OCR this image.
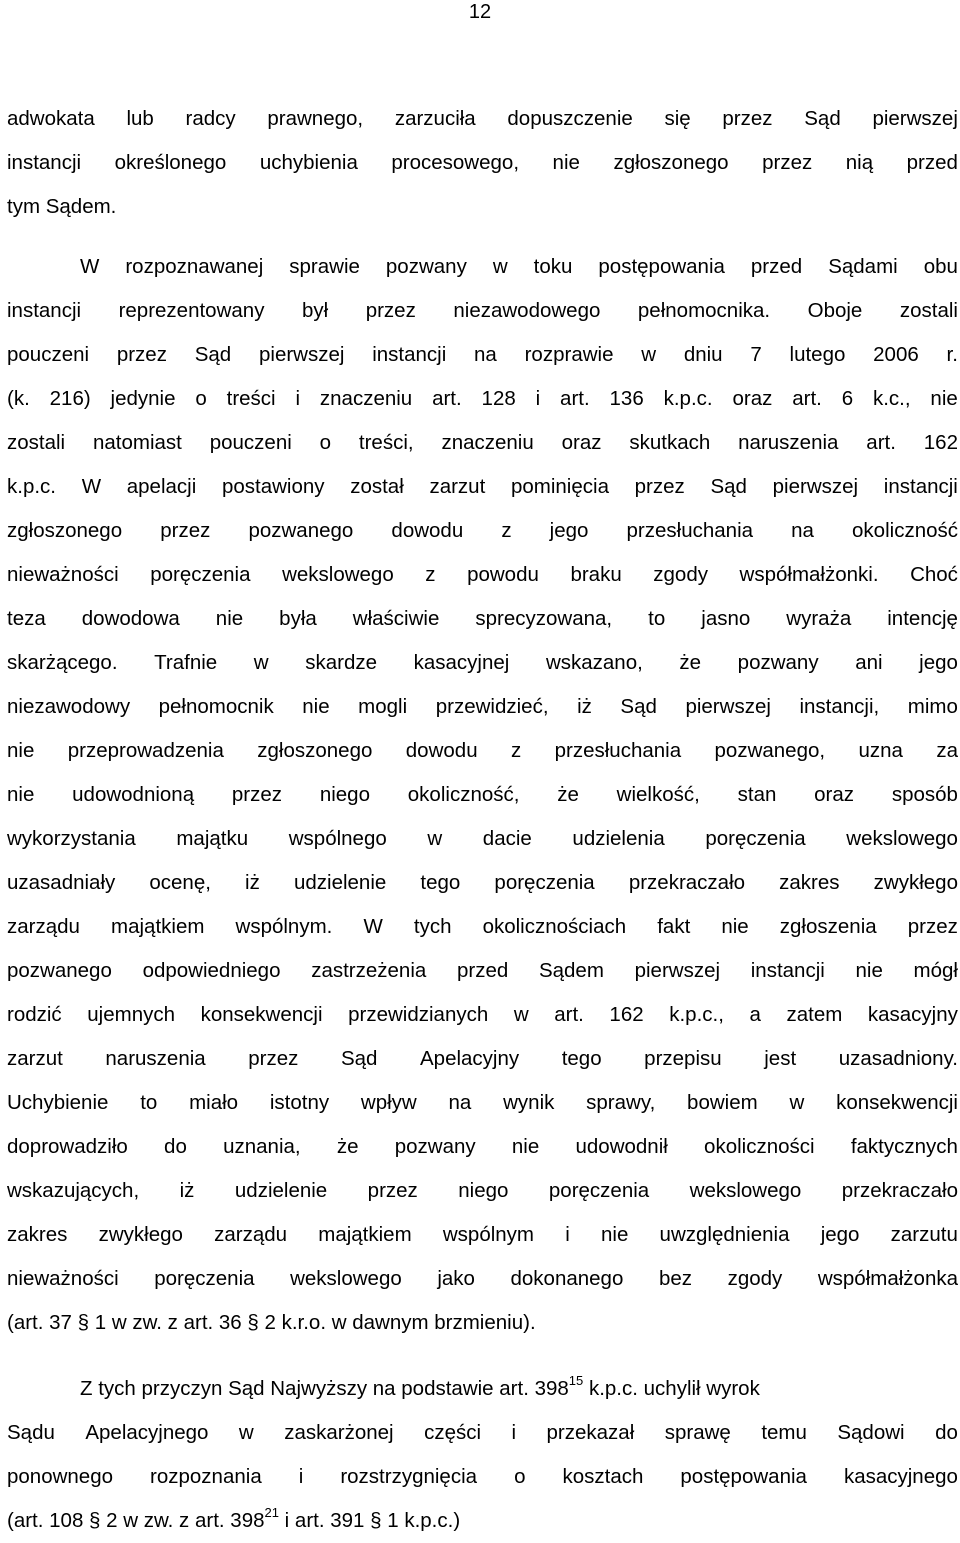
12
adwokata lub radcy prawnego, zarzuciła dopuszczenie się przez Sąd pierwszej
instancji określonego uchybienia procesowego, nie zgłoszonego przez nią przed
tym Sądem.
W rozpoznawanej sprawie pozwany w toku postępowania przed Sądami obu
instancji reprezentowany był przez niezawodowego pełnomocnika. Oboje zostali
pouczeni przez Sąd pierwszej instancji na rozprawie w dniu 7 lutego 2006 r.
(k. 216) jedynie o treści i znaczeniu art. 128 i art. 136 k.p.c. oraz art. 6 k.c., nie
zostali natomiast pouczeni o treści, znaczeniu oraz skutkach naruszenia art. 162
k.p.c. W apelacji postawiony został zarzut pominięcia przez Sąd pierwszej instancji
zgłoszonego przez pozwanego dowodu z jego przesłuchania na okoliczność
nieważności poręczenia wekslowego z powodu braku zgody współmałżonki. Choć
teza dowodowa nie była właściwie sprecyzowana, to jasno wyraża intencję
skarżącego. Trafnie w skardze kasacyjnej wskazano, że pozwany ani jego
niezawodowy pełnomocnik nie mogli przewidzieć, iż Sąd pierwszej instancji, mimo
nie przeprowadzenia zgłoszonego dowodu z przesłuchania pozwanego, uzna za
nie udowodnioną przez niego okoliczność, że wielkość, stan oraz sposób
wykorzystania majątku wspólnego w dacie udzielenia poręczenia wekslowego
uzasadniały ocenę, iż udzielenie tego poręczenia przekraczało zakres zwykłego
zarządu majątkiem wspólnym. W tych okolicznościach fakt nie zgłoszenia przez
pozwanego odpowiedniego zastrzeżenia przed Sądem pierwszej instancji nie mógł
rodzić ujemnych konsekwencji przewidzianych w art. 162 k.p.c., a zatem kasacyjny
zarzut naruszenia przez Sąd Apelacyjny tego przepisu jest uzasadniony.
Uchybienie to miało istotny wpływ na wynik sprawy, bowiem w konsekwencji
doprowadziło do uznania, że pozwany nie udowodnił okoliczności faktycznych
wskazujących, iż udzielenie przez niego poręczenia wekslowego przekraczało
zakres zwykłego zarządu majątkiem wspólnym i nie uwzględnienia jego zarzutu
nieważności poręczenia wekslowego jako dokonanego bez zgody współmałżonka
(art. 37 § 1 w zw. z art. 36 § 2 k.r.o. w dawnym brzmieniu).
Z tych przyczyn Sąd Najwyższy na podstawie art. $398^{15}$ k.p.c. uchylił wyrok
Sądu Apelacyjnego w zaskarżonej części i przekazał sprawę temu Sądowi do
ponownego rozpoznania i rozstrzygnięcia o kosztach postępowania kasacyjnego
(art. 108 § 2 w zw. z art. $398^{21}$ i art. 391 § 1 k.p.c.)
